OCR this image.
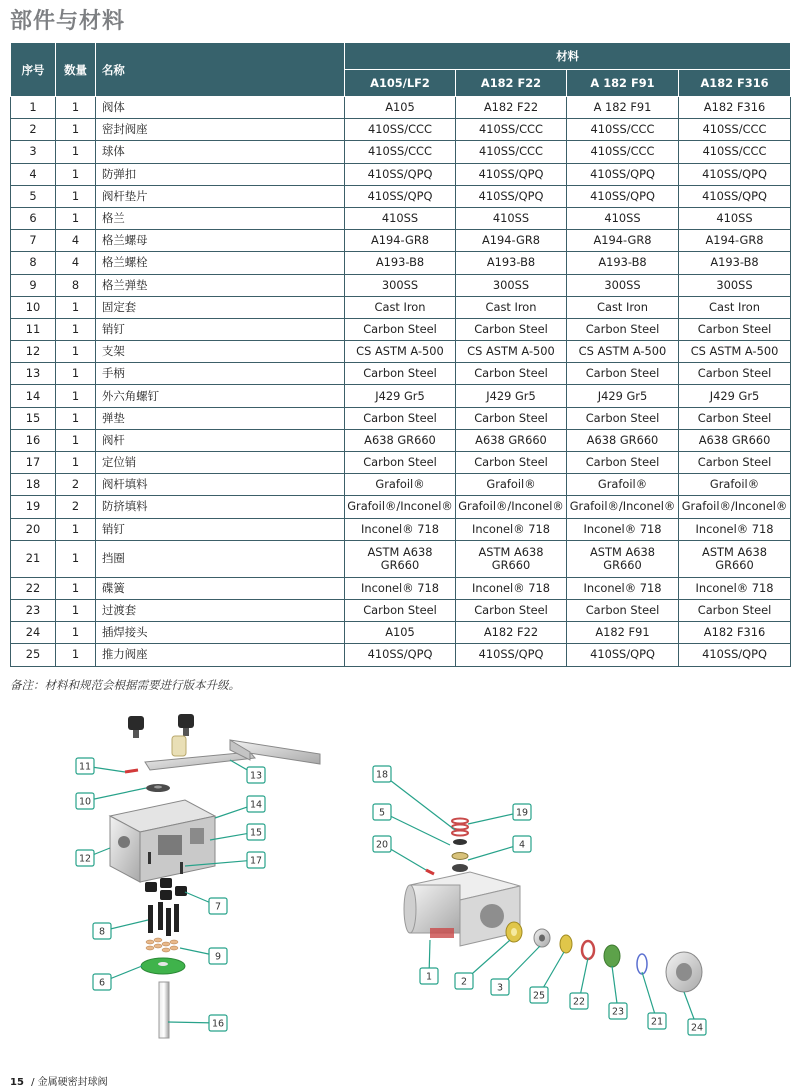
部件与材料
序号	数量	名称	材料			
			A105/LF2	A182 F22	A 182 F91	A182 F316
1	1	阀体	A105	A182 F22	A 182 F91	A182 F316
2	1	密封阀座	410SS/CCC	410SS/CCC	410SS/CCC	410SS/CCC
3	1	球体	410SS/CCC	410SS/CCC	410SS/CCC	410SS/CCC
4	1	防弹扣	410SS/QPQ	410SS/QPQ	410SS/QPQ	410SS/QPQ
5	1	阀杆垫片	410SS/QPQ	410SS/QPQ	410SS/QPQ	410SS/QPQ
6	1	格兰	410SS	410SS	410SS	410SS
7	4	格兰螺母	A194-GR8	A194-GR8	A194-GR8	A194-GR8
8	4	格兰螺栓	A193-B8	A193-B8	A193-B8	A193-B8
9	8	格兰弹垫	300SS	300SS	300SS	300SS
10	1	固定套	Cast Iron	Cast Iron	Cast Iron	Cast Iron
11	1	销钉	Carbon Steel	Carbon Steel	Carbon Steel	Carbon Steel
12	1	支架	CS ASTM A-500	CS ASTM A-500	CS ASTM A-500	CS ASTM A-500
13	1	手柄	Carbon Steel	Carbon Steel	Carbon Steel	Carbon Steel
14	1	外六角螺钉	J429 Gr5	J429 Gr5	J429 Gr5	J429 Gr5
15	1	弹垫	Carbon Steel	Carbon Steel	Carbon Steel	Carbon Steel
16	1	阀杆	A638 GR660	A638 GR660	A638 GR660	A638 GR660
17	1	定位销	Carbon Steel	Carbon Steel	Carbon Steel	Carbon Steel
18	2	阀杆填料	Grafoil®	Grafoil®	Grafoil®	Grafoil®
19	2	防挤填料	Grafoil®/Inconel®	Grafoil®/Inconel®	Grafoil®/Inconel®	Grafoil®/Inconel®
20	1	销钉	Inconel® 718	Inconel® 718	Inconel® 718	Inconel® 718
21	1	挡圈	ASTM A638 GR660	ASTM A638 GR660	ASTM A638 GR660	ASTM A638 GR660
22	1	碟簧	Inconel® 718	Inconel® 718	Inconel® 718	Inconel® 718
23	1	过渡套	Carbon Steel	Carbon Steel	Carbon Steel	Carbon Steel
24	1	插焊接头	A105	A182 F22	A182 F91	A182 F316
25	1	推力阀座	410SS/QPQ	410SS/QPQ	410SS/QPQ	410SS/QPQ
备注：材料和规范会根据需要进行版本升级。
11
13
10	14
15
12	17
7
8
9
6
16
18
5	19
20	4
1	2
3
25
22
23
21
24
15 / 金属硬密封球阀
